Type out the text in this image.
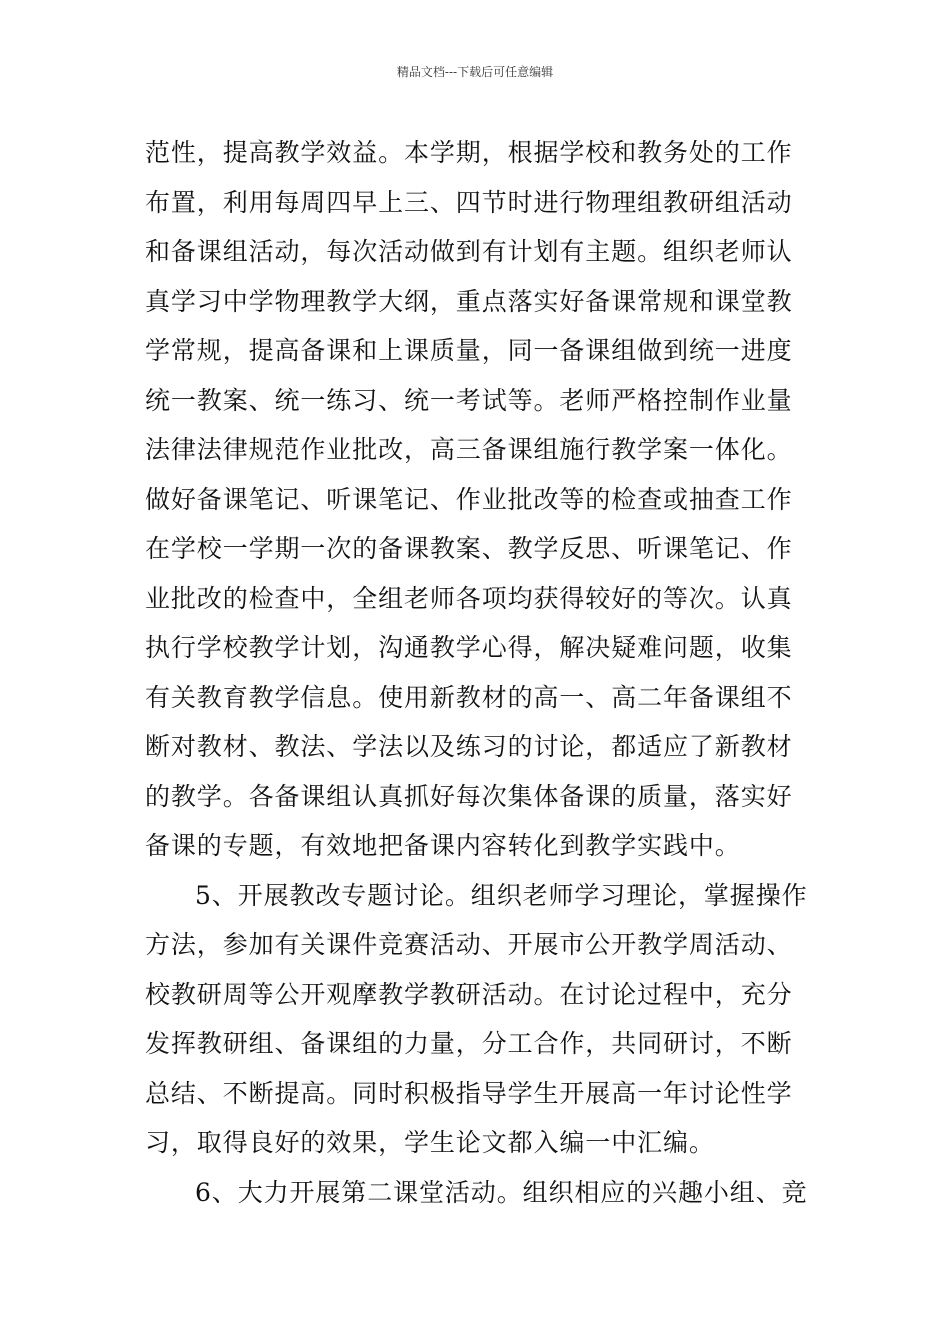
精品文档---下载后可任意编辑
范性，提高教学效益。本学期，根据学校和教务处的工作
布置，利用每周四早上三、四节时进行物理组教研组活动
和备课组活动，每次活动做到有计划有主题。组织老师认
真学习中学物理教学大纲，重点落实好备课常规和课堂教
学常规，提高备课和上课质量，同一备课组做到统一进度
统一教案、统一练习、统一考试等。老师严格控制作业量
法律法律规范作业批改，高三备课组施行教学案一体化。
做好备课笔记、听课笔记、作业批改等的检查或抽查工作
在学校一学期一次的备课教案、教学反思、听课笔记、作
业批改的检查中，全组老师各项均获得较好的等次。认真
执行学校教学计划，沟通教学心得，解决疑难问题，收集
有关教育教学信息。使用新教材的高一、高二年备课组不
断对教材、教法、学法以及练习的讨论，都适应了新教材
的教学。各备课组认真抓好每次集体备课的质量，落实好
备课的专题，有效地把备课内容转化到教学实践中。
5、开展教改专题讨论。组织老师学习理论，掌握操作
方法，参加有关课件竞赛活动、开展市公开教学周活动、
校教研周等公开观摩教学教研活动。在讨论过程中，充分
发挥教研组、备课组的力量，分工合作，共同研讨，不断
总结、不断提高。同时积极指导学生开展高一年讨论性学
习，取得良好的效果，学生论文都入编一中汇编。
6、大力开展第二课堂活动。组织相应的兴趣小组、竞
